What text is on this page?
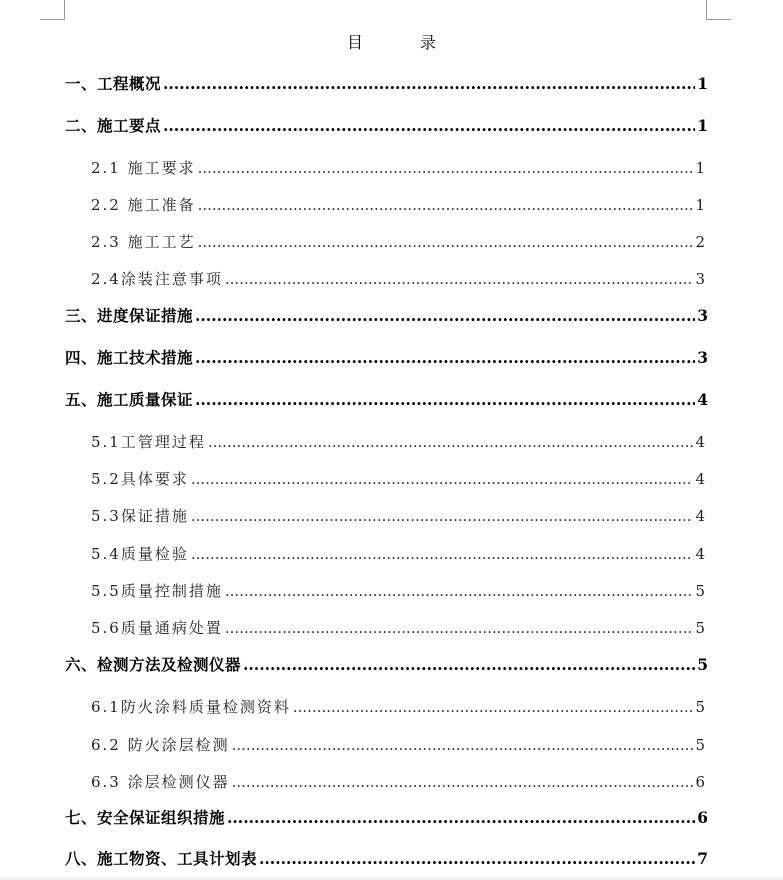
目 录
一、工程概况 .....	1
二、施工要点 .....	1
2.1 施工要求 .....	1
2.2 施工准备 .....	1
2.3 施工工艺 .....	2
2.4涂装注意事项 .....	3
三、进度保证措施 .....	3
四、施工技术措施 .....	3
五、施工质量保证 .....	4
5.1工管理过程 .....	4
5.2具体要求 .....	4
5.3保证措施 .....	4
5.4质量检验 .....	4
5.5质量控制措施 .....	5
5.6质量通病处置 .....	5
六、检测方法及检测仪器 .....	5
6.1防火涂料质量检测资料 .....	5
6.2 防火涂层检测 .....	5
6.3 涂层检测仪器 .....	6
七、安全保证组织措施 .....	6
八、施工物资、工具计划表 .....	7
